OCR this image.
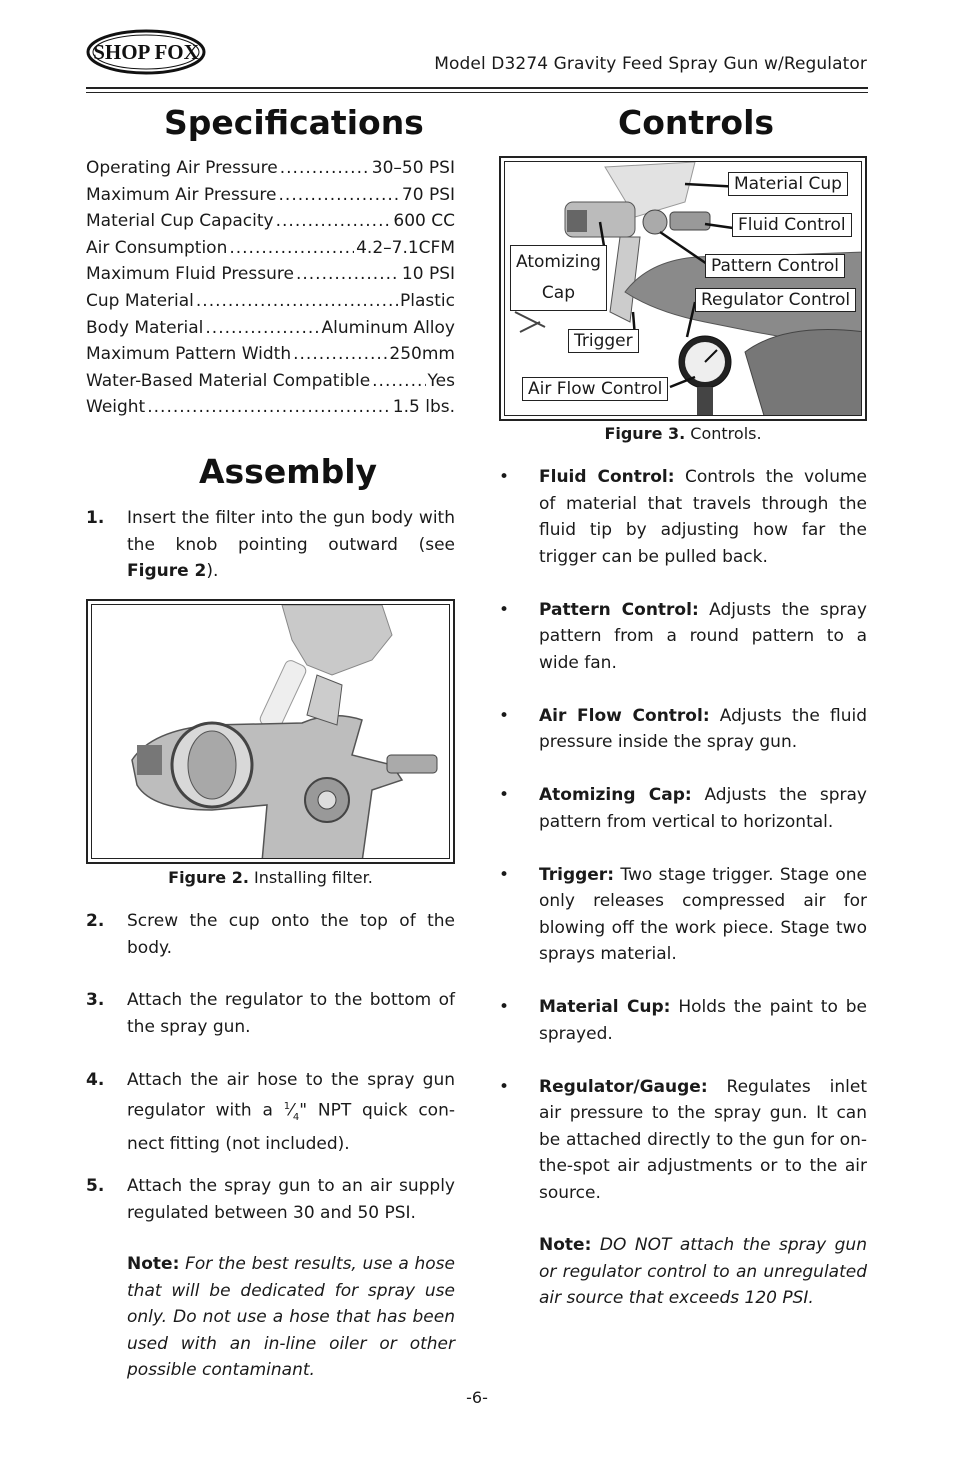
SHOP FOX	Model D3274 Gravity Feed Spray Gun w/Regulator
Specifications
Operating Air Pressure .....	30–50 PSI
Maximum Air Pressure .....	70 PSI
Material Cup Capacity .....	600 CC
Air Consumption .....	4.2–7.1CFM
Maximum Fluid Pressure .....	10 PSI
Cup Material .....	Plastic
Body Material .....	Aluminum Alloy
Maximum Pattern Width .....	250mm
Water-Based Material Compatible .....	Yes
Weight .....	1.5 lbs.
Assembly
1.	Insert the filter into the gun body with the knob pointing outward (see Figure 2).
Figure 2. Installing filter.
2.	Screw the cup onto the top of the body.
3.	Attach the regulator to the bottom of the spray gun.
4.	Attach the air hose to the spray gun regulator with a $^1⁄_4$" NPT quick con-nect fitting (not included).
5.	Attach the spray gun to an air supply regulated between 30 and 50 PSI.
Note: For the best results, use a hose that will be dedicated for spray use only. Do not use a hose that has been used with an in-line oiler or other possible contaminant.
Controls
Material Cup
Fluid Control
Atomizing
Cap
Pattern Control
Regulator Control
Trigger
Air Flow Control
Figure 3. Controls.
•	Fluid Control: Controls the volume of material that travels through the fluid tip by adjusting how far the trigger can be pulled back.
•	Pattern Control: Adjusts the spray pattern from a round pattern to a wide fan.
•	Air Flow Control: Adjusts the fluid pressure inside the spray gun.
•	Atomizing Cap: Adjusts the spray pattern from vertical to horizontal.
•	Trigger: Two stage trigger. Stage one only releases compressed air for blowing off the work piece. Stage two sprays material.
•	Material Cup: Holds the paint to be sprayed.
•	Regulator/Gauge: Regulates inlet air pressure to the spray gun. It can be attached directly to the gun for on-the-spot air adjustments or to the air source.
Note: DO NOT attach the spray gun or regulator control to an unregulated air source that exceeds 120 PSI.
-6-
